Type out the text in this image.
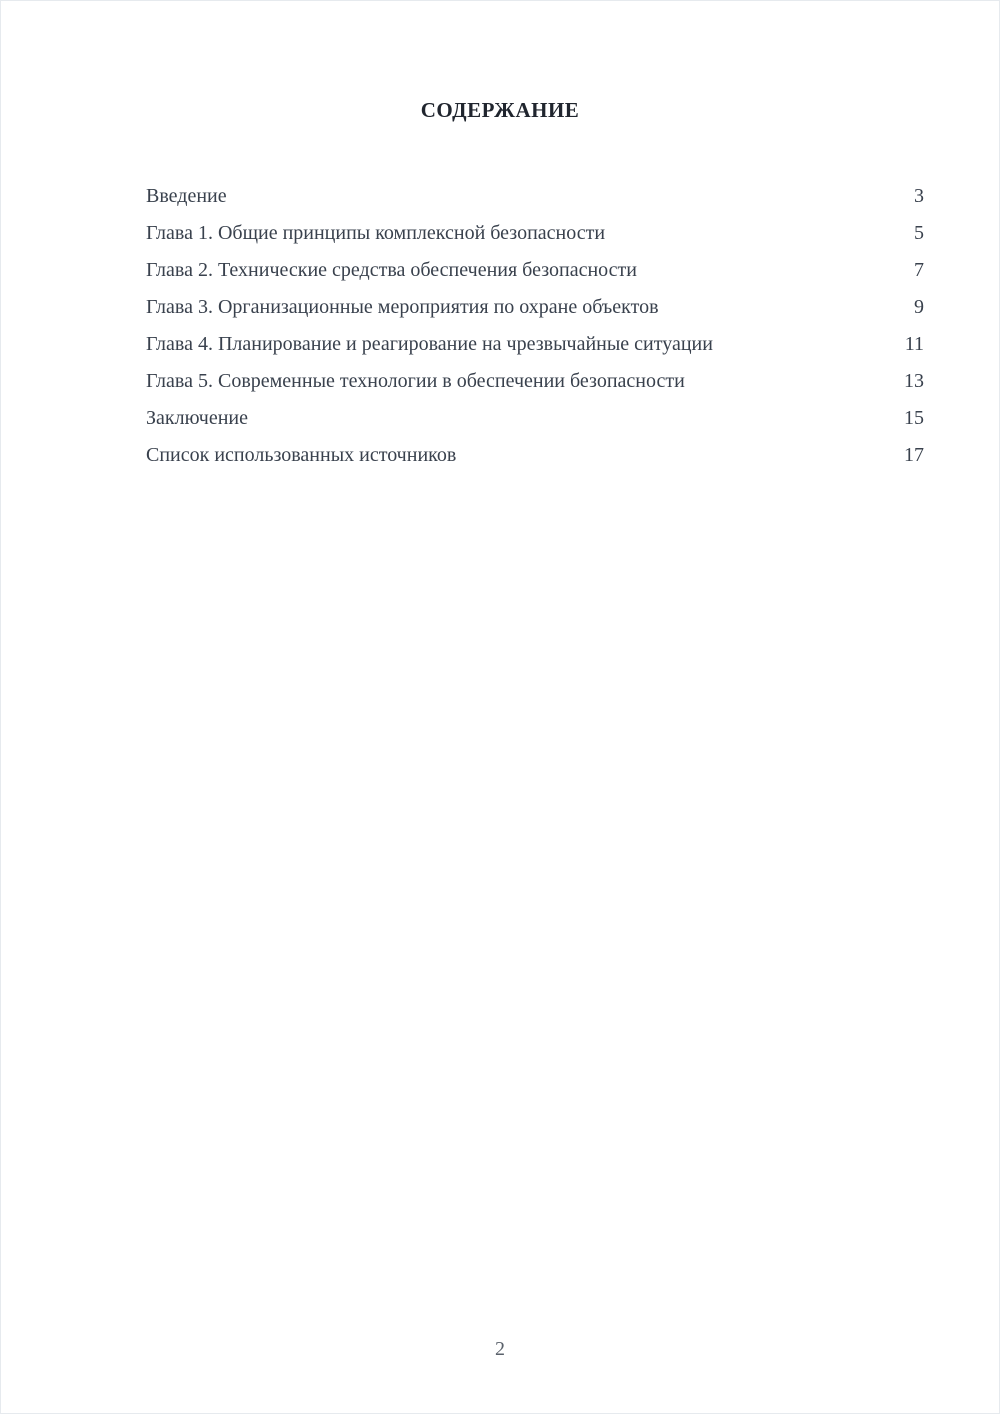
СОДЕРЖАНИЕ
Введение	3
Глава 1. Общие принципы комплексной безопасности	5
Глава 2. Технические средства обеспечения безопасности	7
Глава 3. Организационные мероприятия по охране объектов	9
Глава 4. Планирование и реагирование на чрезвычайные ситуации	11
Глава 5. Современные технологии в обеспечении безопасности	13
Заключение	15
Список использованных источников	17
2
